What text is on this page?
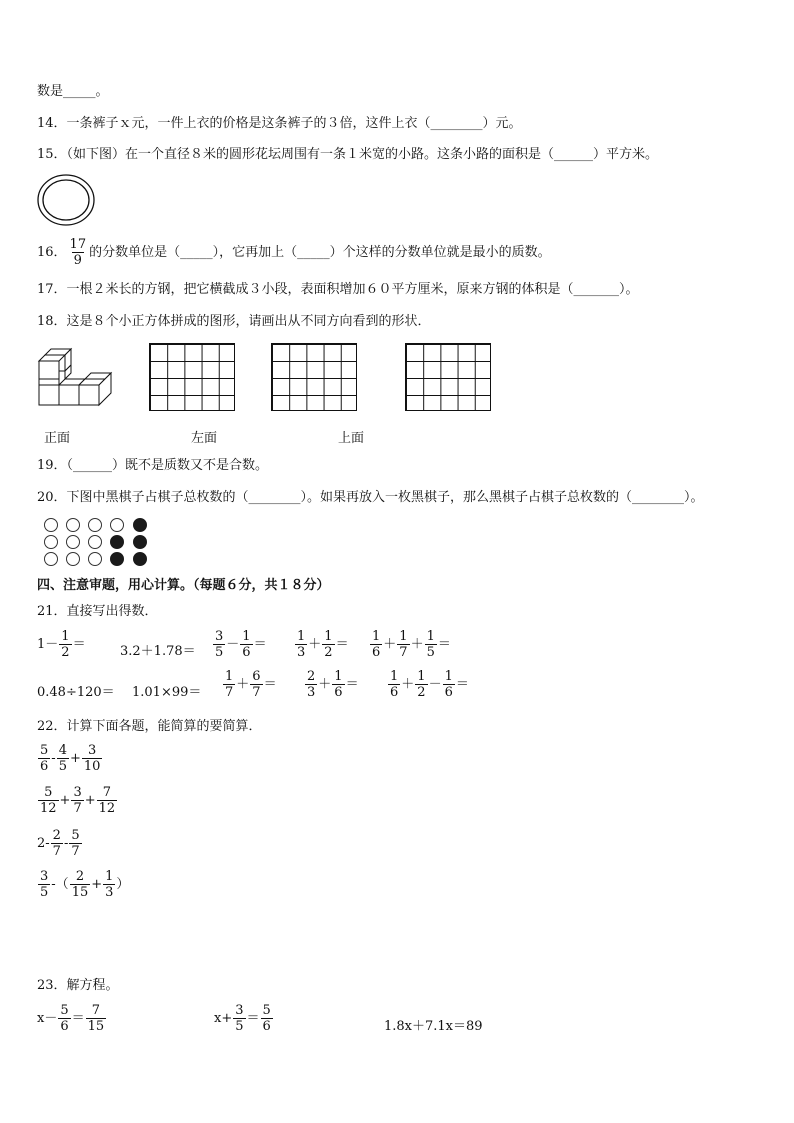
数是_____。
14．一条裤子ｘ元，一件上衣的价格是这条裤子的３倍，这件上衣（________）元。
15．（如下图）在一个直径８米的圆形花坛周围有一条１米宽的小路。这条小路的面积是（______）平方米。
16． $\frac{17}{9}$ 的分数单位是（_____），它再加上（_____）个这样的分数单位就是最小的质数。
17．一根２米长的方钢，把它横截成３小段，表面积增加６０平方厘米，原来方钢的体积是（_______）。
18．这是８个小正方体拼成的图形，请画出从不同方向看到的形状．
正面	左面	上面
19．（______）既不是质数又不是合数。
20．下图中黑棋子占棋子总枚数的（________）。如果再放入一枚黑棋子，那么黑棋子占棋子总枚数的（________）。
四、注意审题，用心计算。（每题６分，共１８分）
21．直接写出得数．
$1- \frac{1}{2}$ ＝	$3.2+1.78= \frac{3}{5} - \frac{1}{6} = \frac{1}{3} + \frac{1}{2} = \frac{1}{6} + \frac{1}{7} + \frac{1}{5}$ ＝
$0.48\div 120= 1.01\times 99= \frac{1}{7} + \frac{6}{7} = \frac{2}{3} + \frac{1}{6} = \frac{1}{6} + \frac{1}{2} - \frac{1}{6}$ ＝
22．计算下面各题，能简算的要简算．
$\frac{5}{6} - \frac{4}{5} + \frac{3}{10}$
$\frac{5}{12} + \frac{3}{7} + \frac{7}{12}$
$2- \frac{2}{7} - \frac{5}{7}$
$\frac{3}{5}$ -（ $\frac{2}{15} + \frac{1}{3}$ ）
23．解方程。
$x- \frac{5}{6} = \frac{7}{15}$	$x+ \frac{3}{5} = \frac{5}{6}$	1.8x＋7.1x＝89
